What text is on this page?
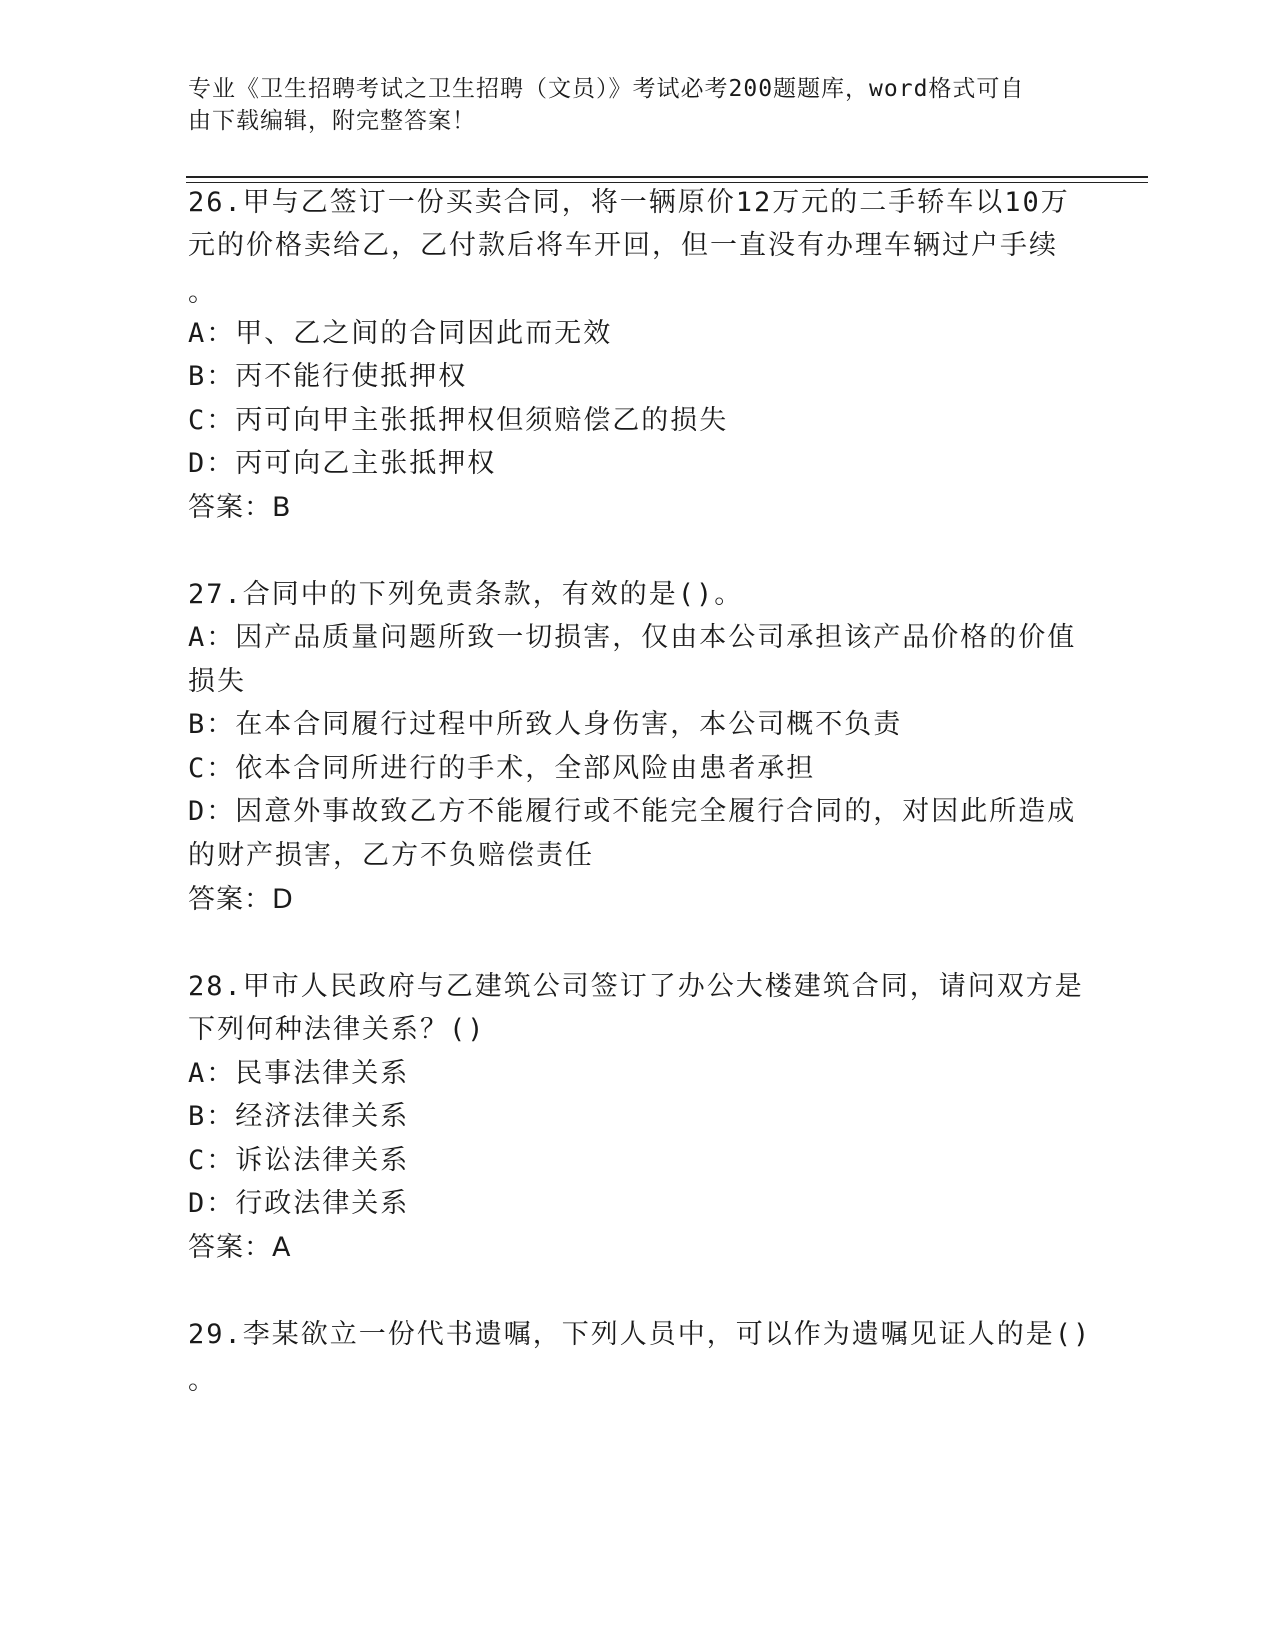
专业《卫生招聘考试之卫生招聘（文员）》考试必考200题题库，word格式可自
由下载编辑，附完整答案！
26.甲与乙签订一份买卖合同，将一辆原价12万元的二手轿车以10万
元的价格卖给乙，乙付款后将车开回，但一直没有办理车辆过户手续
。
A：甲、乙之间的合同因此而无效
B：丙不能行使抵押权
C：丙可向甲主张抵押权但须赔偿乙的损失
D：丙可向乙主张抵押权
答案：B
27.合同中的下列免责条款，有效的是()。
A：因产品质量问题所致一切损害，仅由本公司承担该产品价格的价值
损失
B：在本合同履行过程中所致人身伤害，本公司概不负责
C：依本合同所进行的手术，全部风险由患者承担
D：因意外事故致乙方不能履行或不能完全履行合同的，对因此所造成
的财产损害，乙方不负赔偿责任
答案：D
28.甲市人民政府与乙建筑公司签订了办公大楼建筑合同，请问双方是
下列何种法律关系？()
A：民事法律关系
B：经济法律关系
C：诉讼法律关系
D：行政法律关系
答案：A
29.李某欲立一份代书遗嘱，下列人员中，可以作为遗嘱见证人的是()
。
